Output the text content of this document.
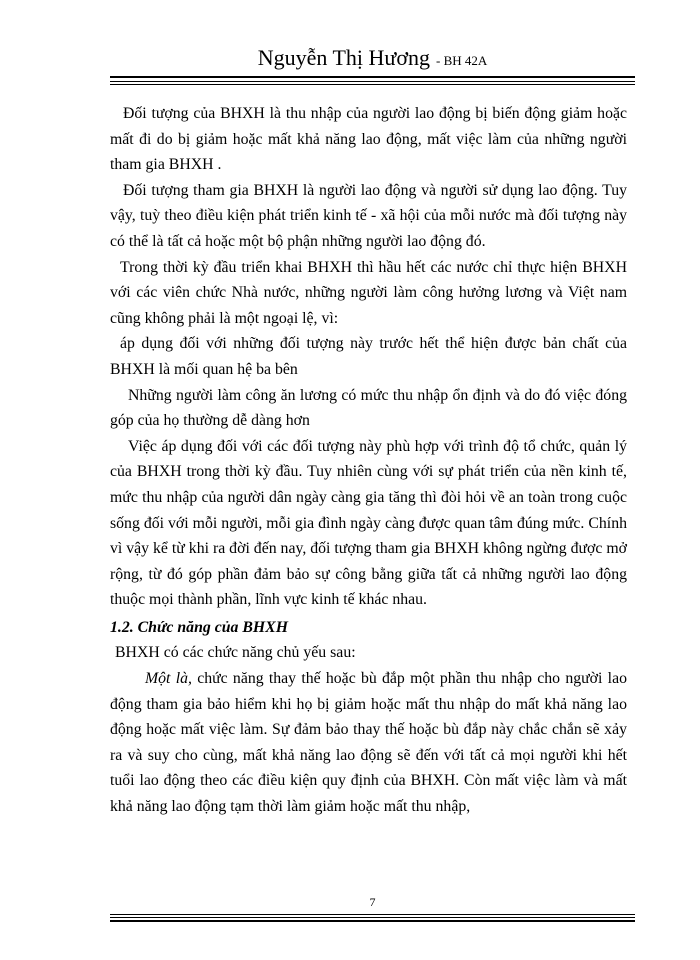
Nguyễn Thị Hương - BH 42A

Đối tượng của BHXH là thu nhập của người lao động bị biến động giảm hoặc mất đi do bị giảm hoặc mất khả năng lao động, mất việc làm của những người tham gia BHXH .

Đối tượng tham gia BHXH là người lao động và người sử dụng lao động. Tuy vậy, tuỳ theo điều kiện phát triển kinh tế - xã hội của mỗi nước mà đối tượng này có thể là tất cả hoặc một bộ phận những người lao động đó.

Trong thời kỳ đầu triển khai BHXH thì hầu hết các nước chỉ thực hiện BHXH với các viên chức Nhà nước, những người làm công hưởng lương và Việt nam cũng không phải là một ngoại lệ, vì:

áp dụng đối với những đối tượng này trước hết thể hiện được bản chất của BHXH là mối quan hệ ba bên

Những người làm công ăn lương có mức thu nhập ổn định và do đó việc đóng góp của họ thường dễ dàng hơn

Việc áp dụng đối với các đối tượng này phù hợp với trình độ tổ chức, quản lý của BHXH trong thời kỳ đầu. Tuy nhiên cùng với sự phát triển của nền kinh tế, mức thu nhập của người dân ngày càng gia tăng thì đòi hỏi về an toàn trong cuộc sống đối với mỗi người, mỗi gia đình ngày càng được quan tâm đúng mức. Chính vì vậy kể từ khi ra đời đến nay, đối tượng tham gia BHXH không ngừng được mở rộng, từ đó góp phần đảm bảo sự công bằng giữa tất cả những người lao động thuộc mọi thành phần, lĩnh vực kinh tế khác nhau.

1.2. Chức năng của BHXH

BHXH có các chức năng chủ yếu sau:

Một là, chức năng thay thế hoặc bù đắp một phần thu nhập cho người lao động tham gia bảo hiểm khi họ bị giảm hoặc mất thu nhập do mất khả năng lao động hoặc mất việc làm. Sự đảm bảo thay thế hoặc bù đắp này chắc chắn sẽ xảy ra và suy cho cùng, mất khả năng lao động sẽ đến với tất cả mọi người khi hết tuổi lao động theo các điều kiện quy định của BHXH. Còn mất việc làm và mất khả năng lao động tạm thời làm giảm hoặc mất thu nhập,

7
